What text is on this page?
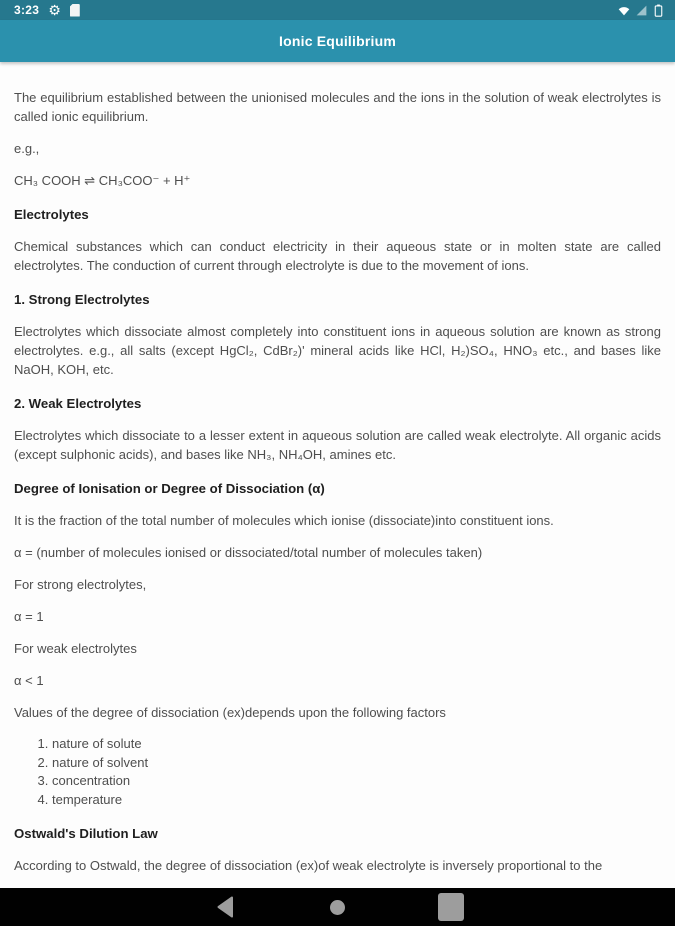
3:23 ⚙
Ionic Equilibrium

The equilibrium established between the unionised molecules and the ions in the solution of weak electrolytes is called ionic equilibrium.

e.g.,

CH₃ COOH ⇌ CH₃COO⁻ + H⁺

Electrolytes

Chemical substances which can conduct electricity in their aqueous state or in molten state are called electrolytes. The conduction of current through electrolyte is due to the movement of ions.

1. Strong Electrolytes

Electrolytes which dissociate almost completely into constituent ions in aqueous solution are known as strong electrolytes. e.g., all salts (except HgCl₂, CdBr₂)' mineral acids like HCl, H₂)SO₄, HNO₃ etc., and bases like NaOH, KOH, etc.

2. Weak Electrolytes

Electrolytes which dissociate to a lesser extent in aqueous solution are called weak electrolyte. All organic acids (except sulphonic acids), and bases like NH₃, NH₄OH, amines etc.

Degree of Ionisation or Degree of Dissociation (α)

It is the fraction of the total number of molecules which ionise (dissociate)into constituent ions.

α = (number of molecules ionised or dissociated/total number of molecules taken)

For strong electrolytes,

α = 1

For weak electrolytes

α < 1

Values of the degree of dissociation (ex)depends upon the following factors

1. nature of solute
2. nature of solvent
3. concentration
4. temperature
Ostwald's Dilution Law

According to Ostwald, the degree of dissociation (ex)of weak electrolyte is inversely proportional to the
